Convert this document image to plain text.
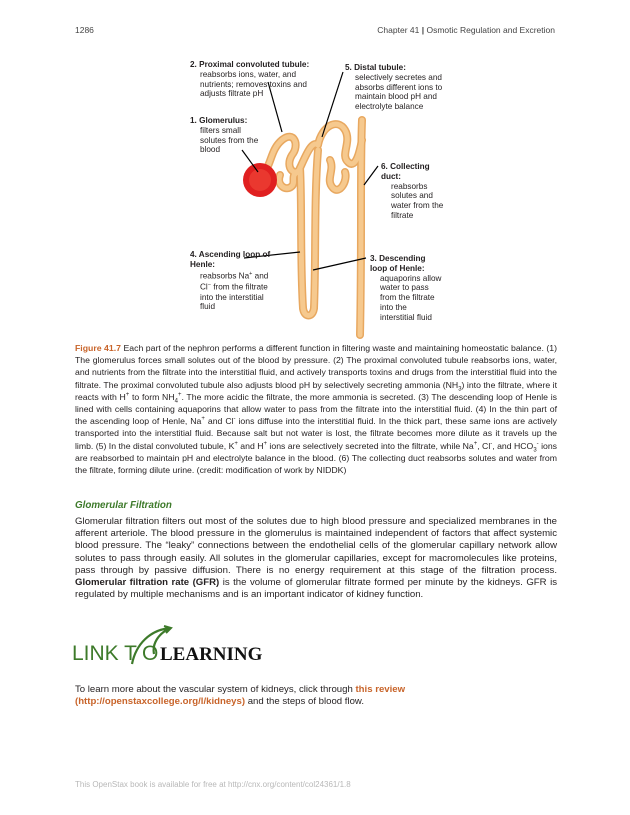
1286	Chapter 41 | Osmotic Regulation and Excretion
2. Proximal convoluted tubule:
reabsorbs ions, water, and nutrients; removes toxins and adjusts filtrate pH
1. Glomerulus:
filters small solutes from the blood
5. Distal tubule:
selectively secretes and absorbs different ions to maintain blood pH and electrolyte balance
6. Collecting duct:
reabsorbs solutes and water from the filtrate
4. Ascending loop of Henle:
reabsorbs Na+ and Cl− from the filtrate into the interstitial fluid
3. Descending loop of Henle:
aquaporins allow water to pass from the filtrate into the interstitial fluid
Figure 41.7 Each part of the nephron performs a different function in filtering waste and maintaining homeostatic balance. (1) The glomerulus forces small solutes out of the blood by pressure. (2) The proximal convoluted tubule reabsorbs ions, water, and nutrients from the filtrate into the interstitial fluid, and actively transports toxins and drugs from the interstitial fluid into the filtrate. The proximal convoluted tubule also adjusts blood pH by selectively secreting ammonia $(NH_3)$ into the filtrate, where it reacts with H+ to form $NH_4^+$. The more acidic the filtrate, the more ammonia is secreted. (3) The descending loop of Henle is lined with cells containing aquaporins that allow water to pass from the filtrate into the interstitial fluid. (4) In the thin part of the ascending loop of Henle, Na+ and Cl- ions diffuse into the interstitial fluid. In the thick part, these same ions are actively transported into the interstitial fluid. Because salt but not water is lost, the filtrate becomes more dilute as it travels up the limb. (5) In the distal convoluted tubule, K+ and H+ ions are selectively secreted into the filtrate, while Na+, Cl-, and $HCO_3^-$ ions are reabsorbed to maintain pH and electrolyte balance in the blood. (6) The collecting duct reabsorbs solutes and water from the filtrate, forming dilute urine. (credit: modification of work by NIDDK)
Glomerular Filtration
Glomerular filtration filters out most of the solutes due to high blood pressure and specialized membranes in the afferent arteriole. The blood pressure in the glomerulus is maintained independent of factors that affect systemic blood pressure. The “leaky” connections between the endothelial cells of the glomerular capillary network allow solutes to pass through easily. All solutes in the glomerular capillaries, except for macromolecules like proteins, pass through by passive diffusion. There is no energy requirement at this stage of the filtration process. Glomerular filtration rate (GFR) is the volume of glomerular filtrate formed per minute by the kidneys. GFR is regulated by multiple mechanisms and is an important indicator of kidney function.
LINK T O LEARNING
To learn more about the vascular system of kidneys, click through this review (http://openstaxcollege.org/l/kidneys) and the steps of blood flow.
This OpenStax book is available for free at http://cnx.org/content/col24361/1.8
